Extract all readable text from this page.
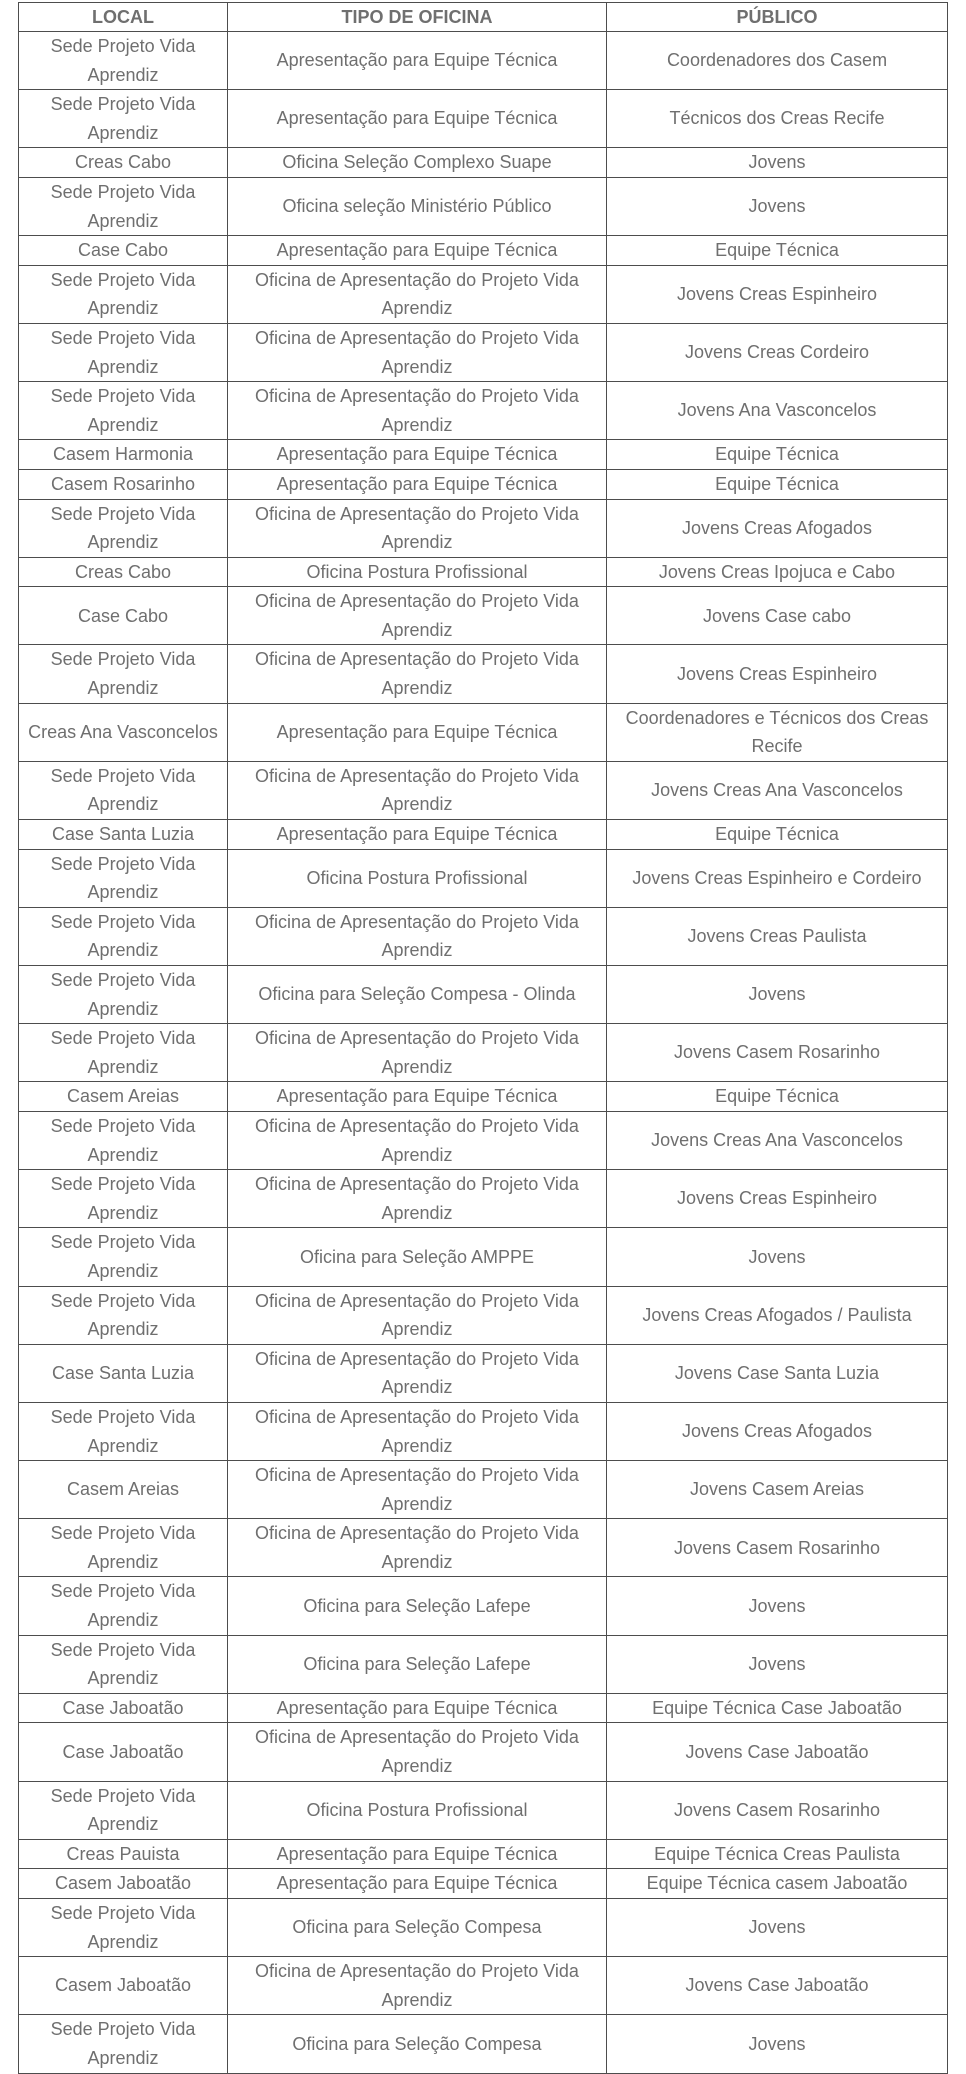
LOCAL	TIPO DE OFICINA	PÚBLICO
Sede Projeto Vida Aprendiz	Apresentação para Equipe Técnica	Coordenadores dos Casem
Sede Projeto Vida Aprendiz	Apresentação para Equipe Técnica	Técnicos dos Creas Recife
Creas Cabo	Oficina Seleção Complexo Suape	Jovens
Sede Projeto Vida Aprendiz	Oficina seleção Ministério Público	Jovens
Case Cabo	Apresentação para Equipe Técnica	Equipe Técnica
Sede Projeto Vida Aprendiz	Oficina de Apresentação do Projeto Vida Aprendiz	Jovens Creas Espinheiro
Sede Projeto Vida Aprendiz	Oficina de Apresentação do Projeto Vida Aprendiz	Jovens Creas Cordeiro
Sede Projeto Vida Aprendiz	Oficina de Apresentação do Projeto Vida Aprendiz	Jovens Ana Vasconcelos
Casem Harmonia	Apresentação para Equipe Técnica	Equipe Técnica
Casem Rosarinho	Apresentação para Equipe Técnica	Equipe Técnica
Sede Projeto Vida Aprendiz	Oficina de Apresentação do Projeto Vida Aprendiz	Jovens Creas Afogados
Creas Cabo	Oficina Postura Profissional	Jovens Creas Ipojuca e Cabo
Case Cabo	Oficina de Apresentação do Projeto Vida Aprendiz	Jovens Case cabo
Sede Projeto Vida Aprendiz	Oficina de Apresentação do Projeto Vida Aprendiz	Jovens Creas Espinheiro
Creas Ana Vasconcelos	Apresentação para Equipe Técnica	Coordenadores e Técnicos dos Creas Recife
Sede Projeto Vida Aprendiz	Oficina de Apresentação do Projeto Vida Aprendiz	Jovens Creas Ana Vasconcelos
Case Santa Luzia	Apresentação para Equipe Técnica	Equipe Técnica
Sede Projeto Vida Aprendiz	Oficina Postura Profissional	Jovens Creas Espinheiro e Cordeiro
Sede Projeto Vida Aprendiz	Oficina de Apresentação do Projeto Vida Aprendiz	Jovens Creas Paulista
Sede Projeto Vida Aprendiz	Oficina para Seleção Compesa - Olinda	Jovens
Sede Projeto Vida Aprendiz	Oficina de Apresentação do Projeto Vida Aprendiz	Jovens Casem Rosarinho
Casem Areias	Apresentação para Equipe Técnica	Equipe Técnica
Sede Projeto Vida Aprendiz	Oficina de Apresentação do Projeto Vida Aprendiz	Jovens Creas Ana Vasconcelos
Sede Projeto Vida Aprendiz	Oficina de Apresentação do Projeto Vida Aprendiz	Jovens Creas Espinheiro
Sede Projeto Vida Aprendiz	Oficina para Seleção AMPPE	Jovens
Sede Projeto Vida Aprendiz	Oficina de Apresentação do Projeto Vida Aprendiz	Jovens Creas Afogados / Paulista
Case Santa Luzia	Oficina de Apresentação do Projeto Vida Aprendiz	Jovens Case Santa Luzia
Sede Projeto Vida Aprendiz	Oficina de Apresentação do Projeto Vida Aprendiz	Jovens Creas Afogados
Casem Areias	Oficina de Apresentação do Projeto Vida Aprendiz	Jovens Casem Areias
Sede Projeto Vida Aprendiz	Oficina de Apresentação do Projeto Vida Aprendiz	Jovens Casem Rosarinho
Sede Projeto Vida Aprendiz	Oficina para Seleção Lafepe	Jovens
Sede Projeto Vida Aprendiz	Oficina para Seleção Lafepe	Jovens
Case Jaboatão	Apresentação para Equipe Técnica	Equipe Técnica Case Jaboatão
Case Jaboatão	Oficina de Apresentação do Projeto Vida Aprendiz	Jovens Case Jaboatão
Sede Projeto Vida Aprendiz	Oficina Postura Profissional	Jovens Casem Rosarinho
Creas Pauista	Apresentação para Equipe Técnica	Equipe Técnica Creas Paulista
Casem Jaboatão	Apresentação para Equipe Técnica	Equipe Técnica casem Jaboatão
Sede Projeto Vida Aprendiz	Oficina para Seleção Compesa	Jovens
Casem Jaboatão	Oficina de Apresentação do Projeto Vida Aprendiz	Jovens Case Jaboatão
Sede Projeto Vida Aprendiz	Oficina para Seleção Compesa	Jovens
